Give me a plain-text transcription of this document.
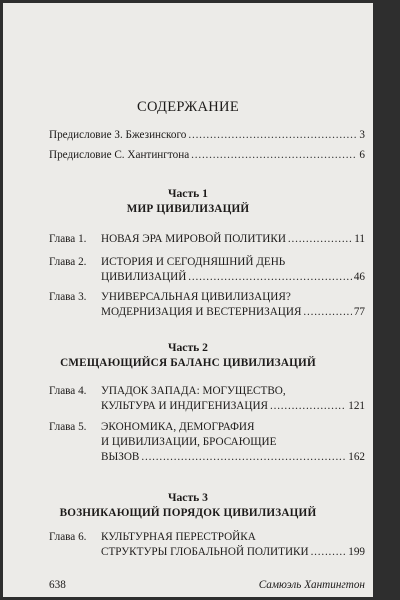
СОДЕРЖАНИЕ
Предисловие З. Бжезинского . . .	3
Предисловие С. Хантингтона . . .	6
Часть 1
МИР ЦИВИЛИЗАЦИЙ
Глава 1. НОВАЯ ЭРА МИРОВОЙ ПОЛИТИКИ . . .	11
Глава 2. ИСТОРИЯ И СЕГОДНЯШНИЙ ДЕНЬ
ЦИВИЛИЗАЦИЙ . . .	46
Глава 3. УНИВЕРСАЛЬНАЯ ЦИВИЛИЗАЦИЯ?
МОДЕРНИЗАЦИЯ И ВЕСТЕРНИЗАЦИЯ . . .	77
Часть 2
СМЕЩАЮЩИЙСЯ БАЛАНС ЦИВИЛИЗАЦИЙ
Глава 4. УПАДОК ЗАПАДА: МОГУЩЕСТВО,
КУЛЬТУРА И ИНДИГЕНИЗАЦИЯ . . .	121
Глава 5. ЭКОНОМИКА, ДЕМОГРАФИЯ
И ЦИВИЛИЗАЦИИ, БРОСАЮЩИЕ
ВЫЗОВ . . .	162
Часть 3
ВОЗНИКАЮЩИЙ ПОРЯДОК ЦИВИЛИЗАЦИЙ
Глава 6. КУЛЬТУРНАЯ ПЕРЕСТРОЙКА
СТРУКТУРЫ ГЛОБАЛЬНОЙ ПОЛИТИКИ . . .	199
638	Самюэль Хантингтон
